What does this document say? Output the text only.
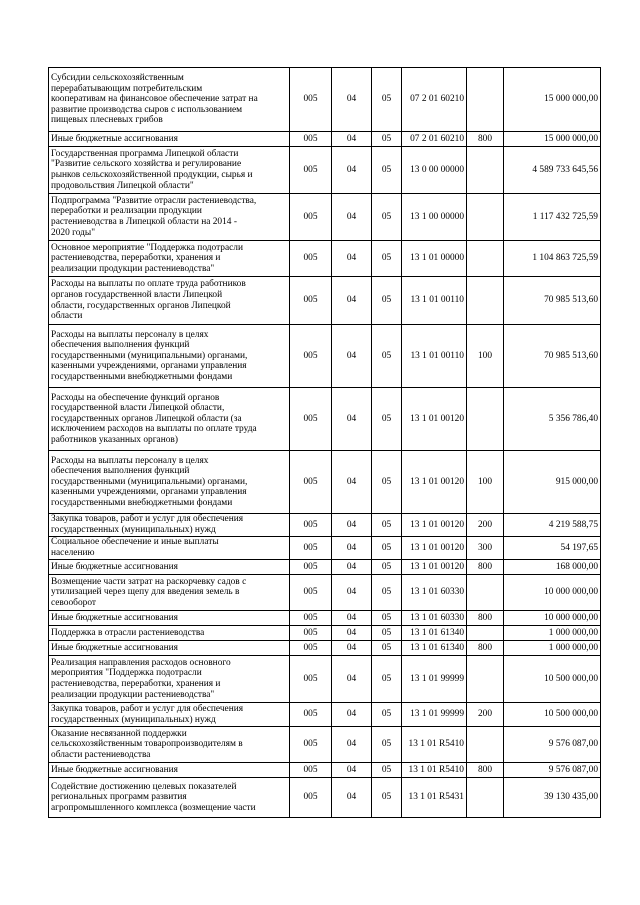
Субсидии сельскохозяйственным
перерабатывающим потребительским
кооперативам на финансовое обеспечение затрат на
развитие производства сыров с использованием
пищевых плесневых грибов	005	04	05	07 2 01 60210		15 000 000,00
Иные бюджетные ассигнования	005	04	05	07 2 01 60210	800	15 000 000,00
Государственная программа Липецкой области
"Развитие сельского хозяйства и регулирование
рынков сельскохозяйственной продукции, сырья и
продовольствия Липецкой области"	005	04	05	13 0 00 00000		4 589 733 645,56
Подпрограмма "Развитие отрасли растениеводства,
переработки и реализации продукции
растениеводства в Липецкой области на 2014 -
2020 годы"	005	04	05	13 1 00 00000		1 117 432 725,59
Основное мероприятие "Поддержка подотрасли
растениеводства, переработки, хранения и
реализации продукции растениеводства"	005	04	05	13 1 01 00000		1 104 863 725,59
Расходы на выплаты по оплате труда работников
органов государственной власти Липецкой
области, государственных органов Липецкой
области	005	04	05	13 1 01 00110		70 985 513,60
Расходы на выплаты персоналу в целях
обеспечения выполнения функций
государственными (муниципальными) органами,
казенными учреждениями, органами управления
государственными внебюджетными фондами	005	04	05	13 1 01 00110	100	70 985 513,60
Расходы на обеспечение функций органов
государственной власти Липецкой области,
государственных органов Липецкой области (за
исключением расходов на выплаты по оплате труда
работников указанных органов)	005	04	05	13 1 01 00120		5 356 786,40
Расходы на выплаты персоналу в целях
обеспечения выполнения функций
государственными (муниципальными) органами,
казенными учреждениями, органами управления
государственными внебюджетными фондами	005	04	05	13 1 01 00120	100	915 000,00
Закупка товаров, работ и услуг для обеспечения
государственных (муниципальных) нужд	005	04	05	13 1 01 00120	200	4 219 588,75
Социальное обеспечение и иные выплаты
населению	005	04	05	13 1 01 00120	300	54 197,65
Иные бюджетные ассигнования	005	04	05	13 1 01 00120	800	168 000,00
Возмещение части затрат на раскорчевку садов с
утилизацией через щепу для введения земель в
севооборот	005	04	05	13 1 01 60330		10 000 000,00
Иные бюджетные ассигнования	005	04	05	13 1 01 60330	800	10 000 000,00
Поддержка в отрасли растениеводства	005	04	05	13 1 01 61340		1 000 000,00
Иные бюджетные ассигнования	005	04	05	13 1 01 61340	800	1 000 000,00
Реализация направления расходов основного
мероприятия "Поддержка подотрасли
растениеводства, переработки, хранения и
реализации продукции растениеводства"	005	04	05	13 1 01 99999		10 500 000,00
Закупка товаров, работ и услуг для обеспечения
государственных (муниципальных) нужд	005	04	05	13 1 01 99999	200	10 500 000,00
Оказание несвязанной поддержки
сельскохозяйственным товаропроизводителям в
области растениеводства	005	04	05	13 1 01 R5410		9 576 087,00
Иные бюджетные ассигнования	005	04	05	13 1 01 R5410	800	9 576 087,00
Содействие достижению целевых показателей
региональных программ развития
агропромышленного комплекса (возмещение части	005	04	05	13 1 01 R5431		39 130 435,00
